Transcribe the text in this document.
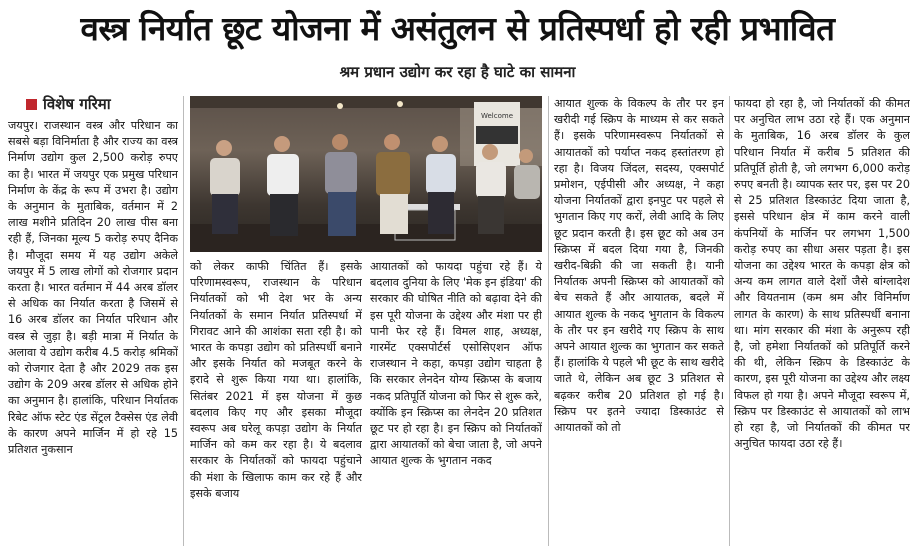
वस्त्र निर्यात छूट योजना में असंतुलन से प्रतिस्पर्धा हो रही प्रभावित
श्रम प्रधान उद्योग कर रहा है घाटे का सामना
विशेष गरिमा
Welcome
जयपुर। राजस्थान वस्त्र और परिधान का सबसे बड़ा विनिर्माता है और राज्य का वस्त्र निर्माण उद्योग कुल 2,500 करोड़ रुपए का है। भारत में जयपुर एक प्रमुख परिधान निर्माण के केंद्र के रूप में उभरा है। उद्योग के अनुमान के मुताबिक, वर्तमान में 2 लाख मशीने प्रतिदिन 20 लाख पीस बना रही हैं, जिनका मूल्य 5 करोड़ रुपए दैनिक है। मौजूदा समय में यह उद्योग अकेले जयपुर में 5 लाख लोगों को रोजगार प्रदान करता है। भारत वर्तमान में 44 अरब डॉलर से अधिक का निर्यात करता है जिसमें से 16 अरब डॉलर का निर्यात परिधान और वस्त्र से जुड़ा है। बड़ी मात्रा में निर्यात के अलावा ये उद्योग करीब 4.5 करोड़ श्रमिकों को रोजगार देता है और 2029 तक इस उद्योग के 209 अरब डॉलर से अधिक होने का अनुमान है। हालांकि, परिधान निर्यातक रिबेट ऑफ स्टेट एंड सेंट्रल टैक्सेस एंड लेवी के कारण अपने मार्जिन में हो रहे 15 प्रतिशत नुकसान
को लेकर काफी चिंतित हैं। इसके परिणामस्वरूप, राजस्थान के परिधान निर्यातकों को भी देश भर के अन्य निर्यातकों के समान निर्यात प्रतिस्पर्धा में गिरावट आने की आशंका सता रही है। को भारत के कपड़ा उद्योग को प्रतिस्पर्धी बनाने और इसके निर्यात को मजबूत करने के इरादे से शुरू किया गया था। हालांकि, सितंबर 2021 में इस योजना में कुछ बदलाव किए गए और इसका मौजूदा स्वरूप अब घरेलू कपड़ा उद्योग के निर्यात मार्जिन को कम कर रहा है। ये बदलाव सरकार के निर्यातकों को फायदा पहुंचाने की मंशा के खिलाफ काम कर रहे हैं और इसके बजाय
आयातकों को फायदा पहुंचा रहे हैं। ये बदलाव दुनिया के लिए 'मेक इन इंडिया' की सरकार की घोषित नीति को बढ़ावा देने की इस पूरी योजना के उद्देश्य और मंशा पर ही पानी फेर रहे हैं। विमल शाह, अध्यक्ष, गारमेंट एक्सपोर्टर्स एसोसिएशन ऑफ राजस्थान ने कहा, कपड़ा उद्योग चाहता है कि सरकार लेनदेन योग्य स्क्रिप्स के बजाय नकद प्रतिपूर्ति योजना को फिर से शुरू करे, क्योंकि इन स्क्रिप्स का लेनदेन 20 प्रतिशत छूट पर हो रहा है। इन स्क्रिप को निर्यातकों द्वारा आयातकों को बेचा जाता है, जो अपने आयात शुल्क के भुगतान नकद
आयात शुल्क के विकल्प के तौर पर इन खरीदी गई स्क्रिप के माध्यम से कर सकते हैं। इसके परिणामस्वरूप निर्यातकों से आयातकों को पर्याप्त नकद हस्तांतरण हो रहा है। विजय जिंदल, सदस्य, एक्सपोर्ट प्रमोशन, एईपीसी और अध्यक्ष, ने कहा योजना निर्यातकों द्वारा इनपुट पर पहले से भुगतान किए गए करों, लेवी आदि के लिए छूट प्रदान करती है। इस छूट को अब उन स्क्रिप्स में बदल दिया गया है, जिनकी खरीद-बिक्री की जा सकती है। यानी निर्यातक अपनी स्क्रिप्स को आयातकों को बेच सकते हैं और आयातक, बदले में आयात शुल्क के नकद भुगतान के विकल्प के तौर पर इन खरीदे गए स्क्रिप के साथ अपने आयात शुल्क का भुगतान कर सकते हैं। हालांकि ये पहले भी छूट के साथ खरीदे जाते थे, लेकिन अब छूट 3 प्रतिशत से बढ़कर करीब 20 प्रतिशत हो गई है। स्क्रिप पर इतने ज्यादा डिस्काउंट से आयातकों को तो
फायदा हो रहा है, जो निर्यातकों की कीमत पर अनुचित लाभ उठा रहे हैं। एक अनुमान के मुताबिक, 16 अरब डॉलर के कुल परिधान निर्यात में करीब 5 प्रतिशत की प्रतिपूर्ति होती है, जो लगभग 6,000 करोड़ रुपए बनती है। व्यापक स्तर पर, इस पर 20 से 25 प्रतिशत डिस्काउंट दिया जाता है, इससे परिधान क्षेत्र में काम करने वाली कंपनियों के मार्जिन पर लगभग 1,500 करोड़ रुपए का सीधा असर पड़ता है। इस योजना का उद्देश्य भारत के कपड़ा क्षेत्र को अन्य कम लागत वाले देशों जैसे बांग्लादेश और वियतनाम (कम श्रम और विनिर्माण लागत के कारण) के साथ प्रतिस्पर्धी बनाना था। मांग सरकार की मंशा के अनुरूप रही है, जो हमेशा निर्यातकों को प्रतिपूर्ति करने की थी, लेकिन स्क्रिप के डिस्काउंट के कारण, इस पूरी योजना का उद्देश्य और लक्ष्य विफल हो गया है। अपने मौजूदा स्वरूप में, स्क्रिप पर डिस्काउंट से आयातकों को लाभ हो रहा है, जो निर्यातकों की कीमत पर अनुचित फायदा उठा रहे हैं।
